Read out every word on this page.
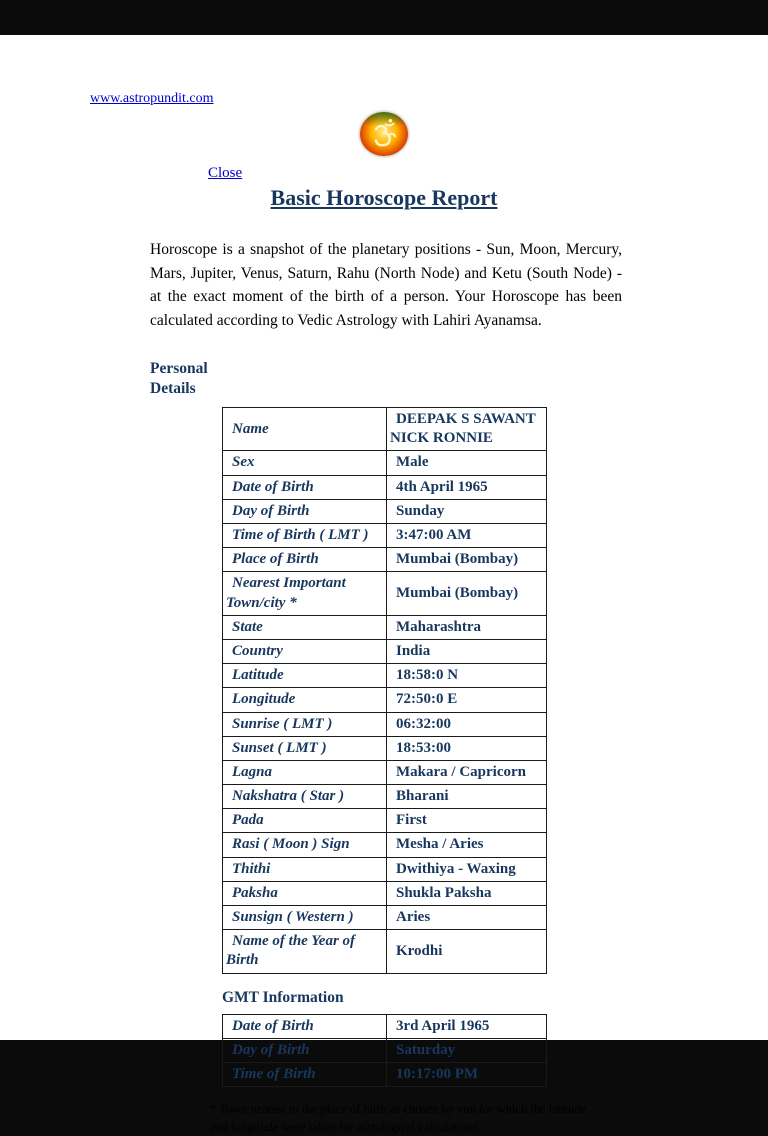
www.astropundit.com
Close
Basic Horoscope Report

Horoscope is a snapshot of the planetary positions - Sun, Moon, Mercury, Mars, Jupiter, Venus, Saturn, Rahu (North Node) and Ketu (South Node) - at the exact moment of the birth of a person. Your Horoscope has been calculated according to Vedic Astrology with Lahiri Ayanamsa.

Personal Details
Name	DEEPAK S SAWANT NICK RONNIE
Sex	Male
Date of Birth	4th April 1965
Day of Birth	Sunday
Time of Birth ( LMT )	3:47:00 AM
Place of Birth	Mumbai (Bombay)
Nearest Important Town/city *	Mumbai (Bombay)
State	Maharashtra
Country	India
Latitude	18:58:0 N
Longitude	72:50:0 E
Sunrise ( LMT )	06:32:00
Sunset ( LMT )	18:53:00
Lagna	Makara / Capricorn
Nakshatra ( Star )	Bharani
Pada	First
Rasi ( Moon ) Sign	Mesha / Aries
Thithi	Dwithiya - Waxing
Paksha	Shukla Paksha
Sunsign ( Western )	Aries
Name of the Year of Birth	Krodhi
GMT Information
Date of Birth	3rd April 1965
Day of Birth	Saturday
Time of Birth	10:17:00 PM

* Town nearest to the place of birth as chosen by you for which the latitude and longitude were taken for astrological calculations.
